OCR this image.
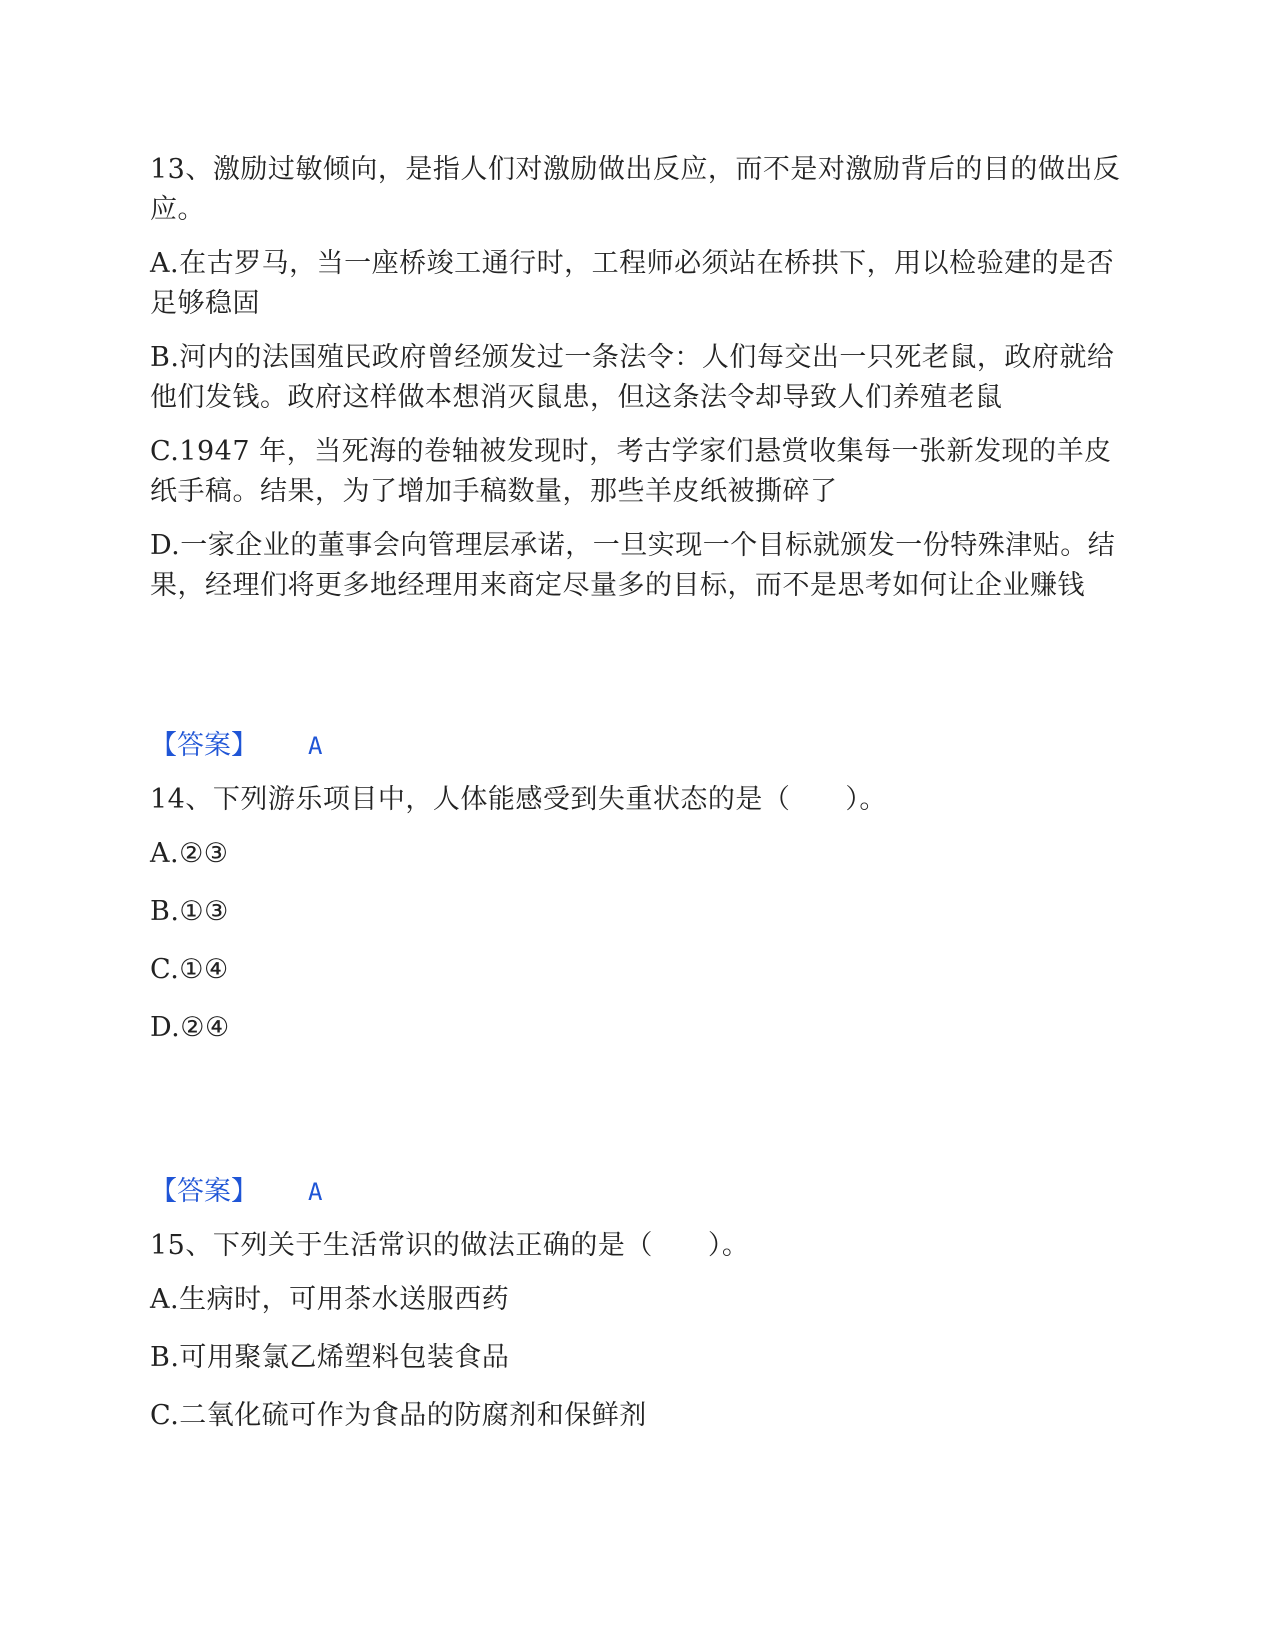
13、激励过敏倾向，是指人们对激励做出反应，而不是对激励背后的目的做出反应。

A.在古罗马，当一座桥竣工通行时，工程师必须站在桥拱下，用以检验建的是否足够稳固

B.河内的法国殖民政府曾经颁发过一条法令：人们每交出一只死老鼠，政府就给他们发钱。政府这样做本想消灭鼠患，但这条法令却导致人们养殖老鼠

C.1947 年，当死海的卷轴被发现时，考古学家们悬赏收集每一张新发现的羊皮纸手稿。结果，为了增加手稿数量，那些羊皮纸被撕碎了

D.一家企业的董事会向管理层承诺，一旦实现一个目标就颁发一份特殊津贴。结果，经理们将更多地经理用来商定尽量多的目标，而不是思考如何让企业赚钱

【答案】 A

14、下列游乐项目中，人体能感受到失重状态的是（　　）。

A.②③

B.①③

C.①④

D.②④

【答案】 A

15、下列关于生活常识的做法正确的是（　　）。

A.生病时，可用茶水送服西药

B.可用聚氯乙烯塑料包装食品

C.二氧化硫可作为食品的防腐剂和保鲜剂
